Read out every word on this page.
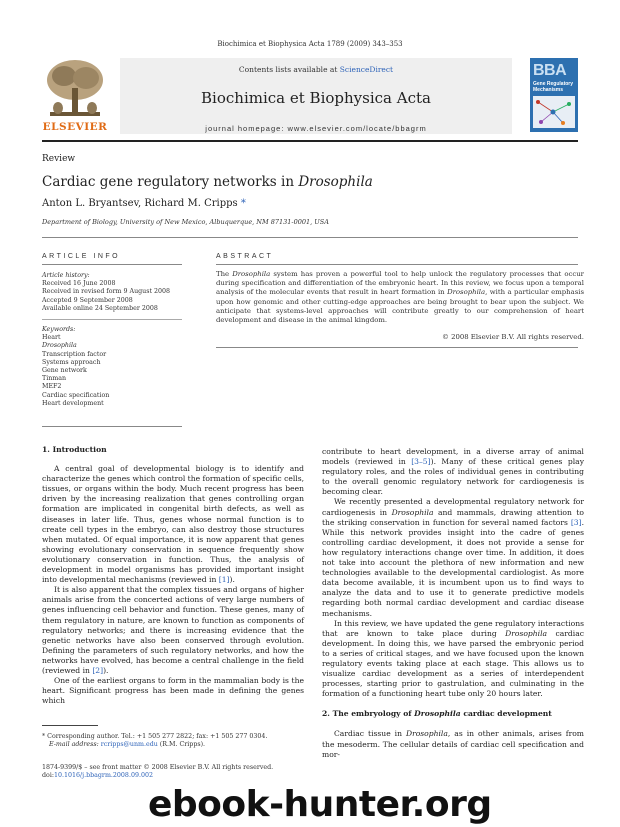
Biochimica et Biophysica Acta 1789 (2009) 343–353
ELSEVIER
Contents lists available at ScienceDirect
Biochimica et Biophysica Acta
journal homepage: www.elsevier.com/locate/bbagrm
BBA
Gene Regulatory Mechanisms
Review
Cardiac gene regulatory networks in Drosophila
Anton L. Bryantsev, Richard M. Cripps *
Department of Biology, University of New Mexico, Albuquerque, NM 87131-0001, USA
ARTICLE INFO	ABSTRACT
Article history:
Received 16 June 2008
Received in revised form 9 August 2008
Accepted 9 September 2008
Available online 24 September 2008
Keywords:
Heart
Drosophila
Transcription factor
Systems approach
Gene network
Tinman
MEF2
Cardiac specification
Heart development
The Drosophila system has proven a powerful tool to help unlock the regulatory processes that occur during specification and differentiation of the embryonic heart. In this review, we focus upon a temporal analysis of the molecular events that result in heart formation in Drosophila, with a particular emphasis upon how genomic and other cutting-edge approaches are being brought to bear upon the subject. We anticipate that systems-level approaches will contribute greatly to our comprehension of heart development and disease in the animal kingdom.
© 2008 Elsevier B.V. All rights reserved.

1. Introduction

A central goal of developmental biology is to identify and characterize the genes which control the formation of specific cells, tissues, or organs within the body. Much recent progress has been driven by the increasing realization that genes controlling organ formation are implicated in congenital birth defects, as well as diseases in later life. Thus, genes whose normal function is to create cell types in the embryo, can also destroy those structures when mutated. Of equal importance, it is now apparent that genes showing evolutionary conservation in sequence frequently show evolutionary conservation in function. Thus, the analysis of development in model organisms has provided important insight into developmental mechanisms (reviewed in [1]).

It is also apparent that the complex tissues and organs of higher animals arise from the concerted actions of very large numbers of genes influencing cell behavior and function. These genes, many of them regulatory in nature, are known to function as components of regulatory networks; and there is increasing evidence that the genetic networks have also been conserved through evolution. Defining the parameters of such regulatory networks, and how the networks have evolved, has become a central challenge in the field (reviewed in [2]).

One of the earliest organs to form in the mammalian body is the heart. Significant progress has been made in defining the genes which

contribute to heart development, in a diverse array of animal models (reviewed in [3–5]). Many of these critical genes play regulatory roles, and the roles of individual genes in contributing to the overall genomic regulatory network for cardiogenesis is becoming clear.

We recently presented a developmental regulatory network for cardiogenesis in Drosophila and mammals, drawing attention to the striking conservation in function for several named factors [3]. While this network provides insight into the cadre of genes controlling cardiac development, it does not provide a sense for how regulatory interactions change over time. In addition, it does not take into account the plethora of new information and new technologies available to the developmental cardiologist. As more data become available, it is incumbent upon us to find ways to analyze the data and to use it to generate predictive models regarding both normal cardiac development and cardiac disease mechanisms.

In this review, we have updated the gene regulatory interactions that are known to take place during Drosophila cardiac development. In doing this, we have parsed the embryonic period to a series of critical stages, and we have focused upon the known regulatory events taking place at each stage. This allows us to visualize cardiac development as a series of interdependent processes, starting prior to gastrulation, and culminating in the formation of a functioning heart tube only 20 hours later.

2. The embryology of Drosophila cardiac development

Cardiac tissue in Drosophila, as in other animals, arises from the mesoderm. The cellular details of cardiac cell specification and mor-

* Corresponding author. Tel.: +1 505 277 2822; fax: +1 505 277 0304.
E-mail address: rcripps@unm.edu (R.M. Cripps).
1874-9399/$ – see front matter © 2008 Elsevier B.V. All rights reserved.
doi:10.1016/j.bbagrm.2008.09.002
ebook-hunter.org
